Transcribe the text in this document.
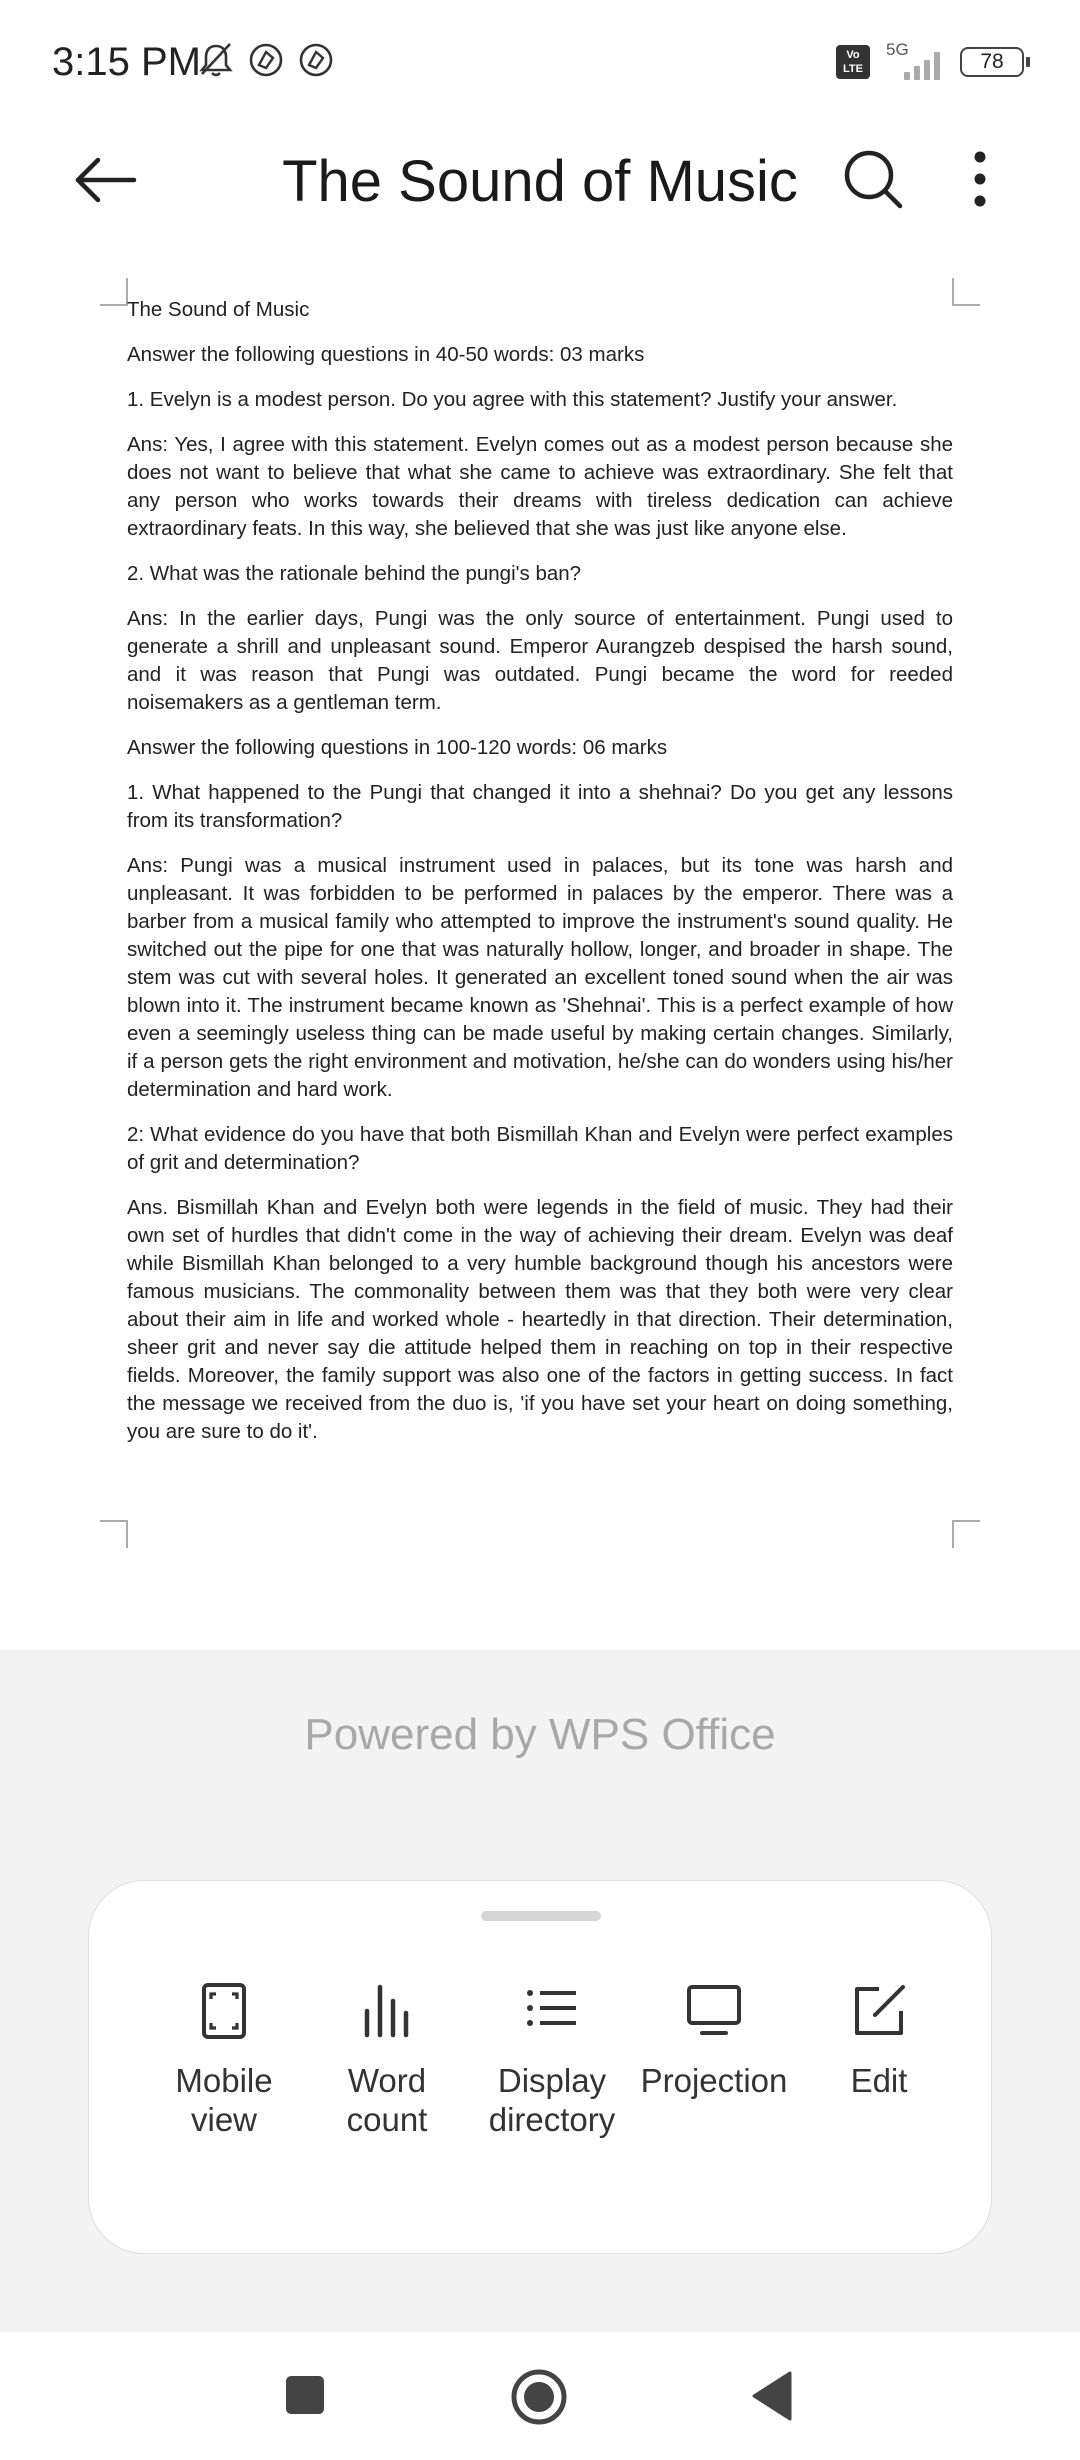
3:15 PM	Vo LTE
5G
78
The Sound of Music
The Sound of Music
Answer the following questions in 40-50 words: 03 marks

1. Evelyn is a modest person. Do you agree with this statement? Justify your answer.

Ans: Yes, I agree with this statement. Evelyn comes out as a modest person because she does not want to believe that what she came to achieve was extraordinary. She felt that any person who works towards their dreams with tireless dedication can achieve extraordinary feats. In this way, she believed that she was just like anyone else.

2. What was the rationale behind the pungi's ban?

Ans: In the earlier days, Pungi was the only source of entertainment. Pungi used to generate a shrill and unpleasant sound. Emperor Aurangzeb despised the harsh sound, and it was reason that Pungi was outdated. Pungi became the word for reeded noisemakers as a gentleman term.

Answer the following questions in 100-120 words: 06 marks

1. What happened to the Pungi that changed it into a shehnai? Do you get any lessons from its transformation?

Ans: Pungi was a musical instrument used in palaces, but its tone was harsh and unpleasant. It was forbidden to be performed in palaces by the emperor. There was a barber from a musical family who attempted to improve the instrument's sound quality. He switched out the pipe for one that was naturally hollow, longer, and broader in shape. The stem was cut with several holes. It generated an excellent toned sound when the air was blown into it. The instrument became known as 'Shehnai'. This is a perfect example of how even a seemingly useless thing can be made useful by making certain changes. Similarly, if a person gets the right environment and motivation, he/she can do wonders using his/her determination and hard work.

2: What evidence do you have that both Bismillah Khan and Evelyn were perfect examples of grit and determination?

Ans. Bismillah Khan and Evelyn both were legends in the field of music. They had their own set of hurdles that didn't come in the way of achieving their dream. Evelyn was deaf while Bismillah Khan belonged to a very humble background though his ancestors were famous musicians. The commonality between them was that they both were very clear about their aim in life and worked whole - heartedly in that direction. Their determination, sheer grit and never say die attitude helped them in reaching on top in their respective fields. Moreover, the family support was also one of the factors in getting success. In fact the message we received from the duo is, 'if you have set your heart on doing something, you are sure to do it'.

Powered by WPS Office
Mobile view
Word count
Display directory
Projection	Edit
